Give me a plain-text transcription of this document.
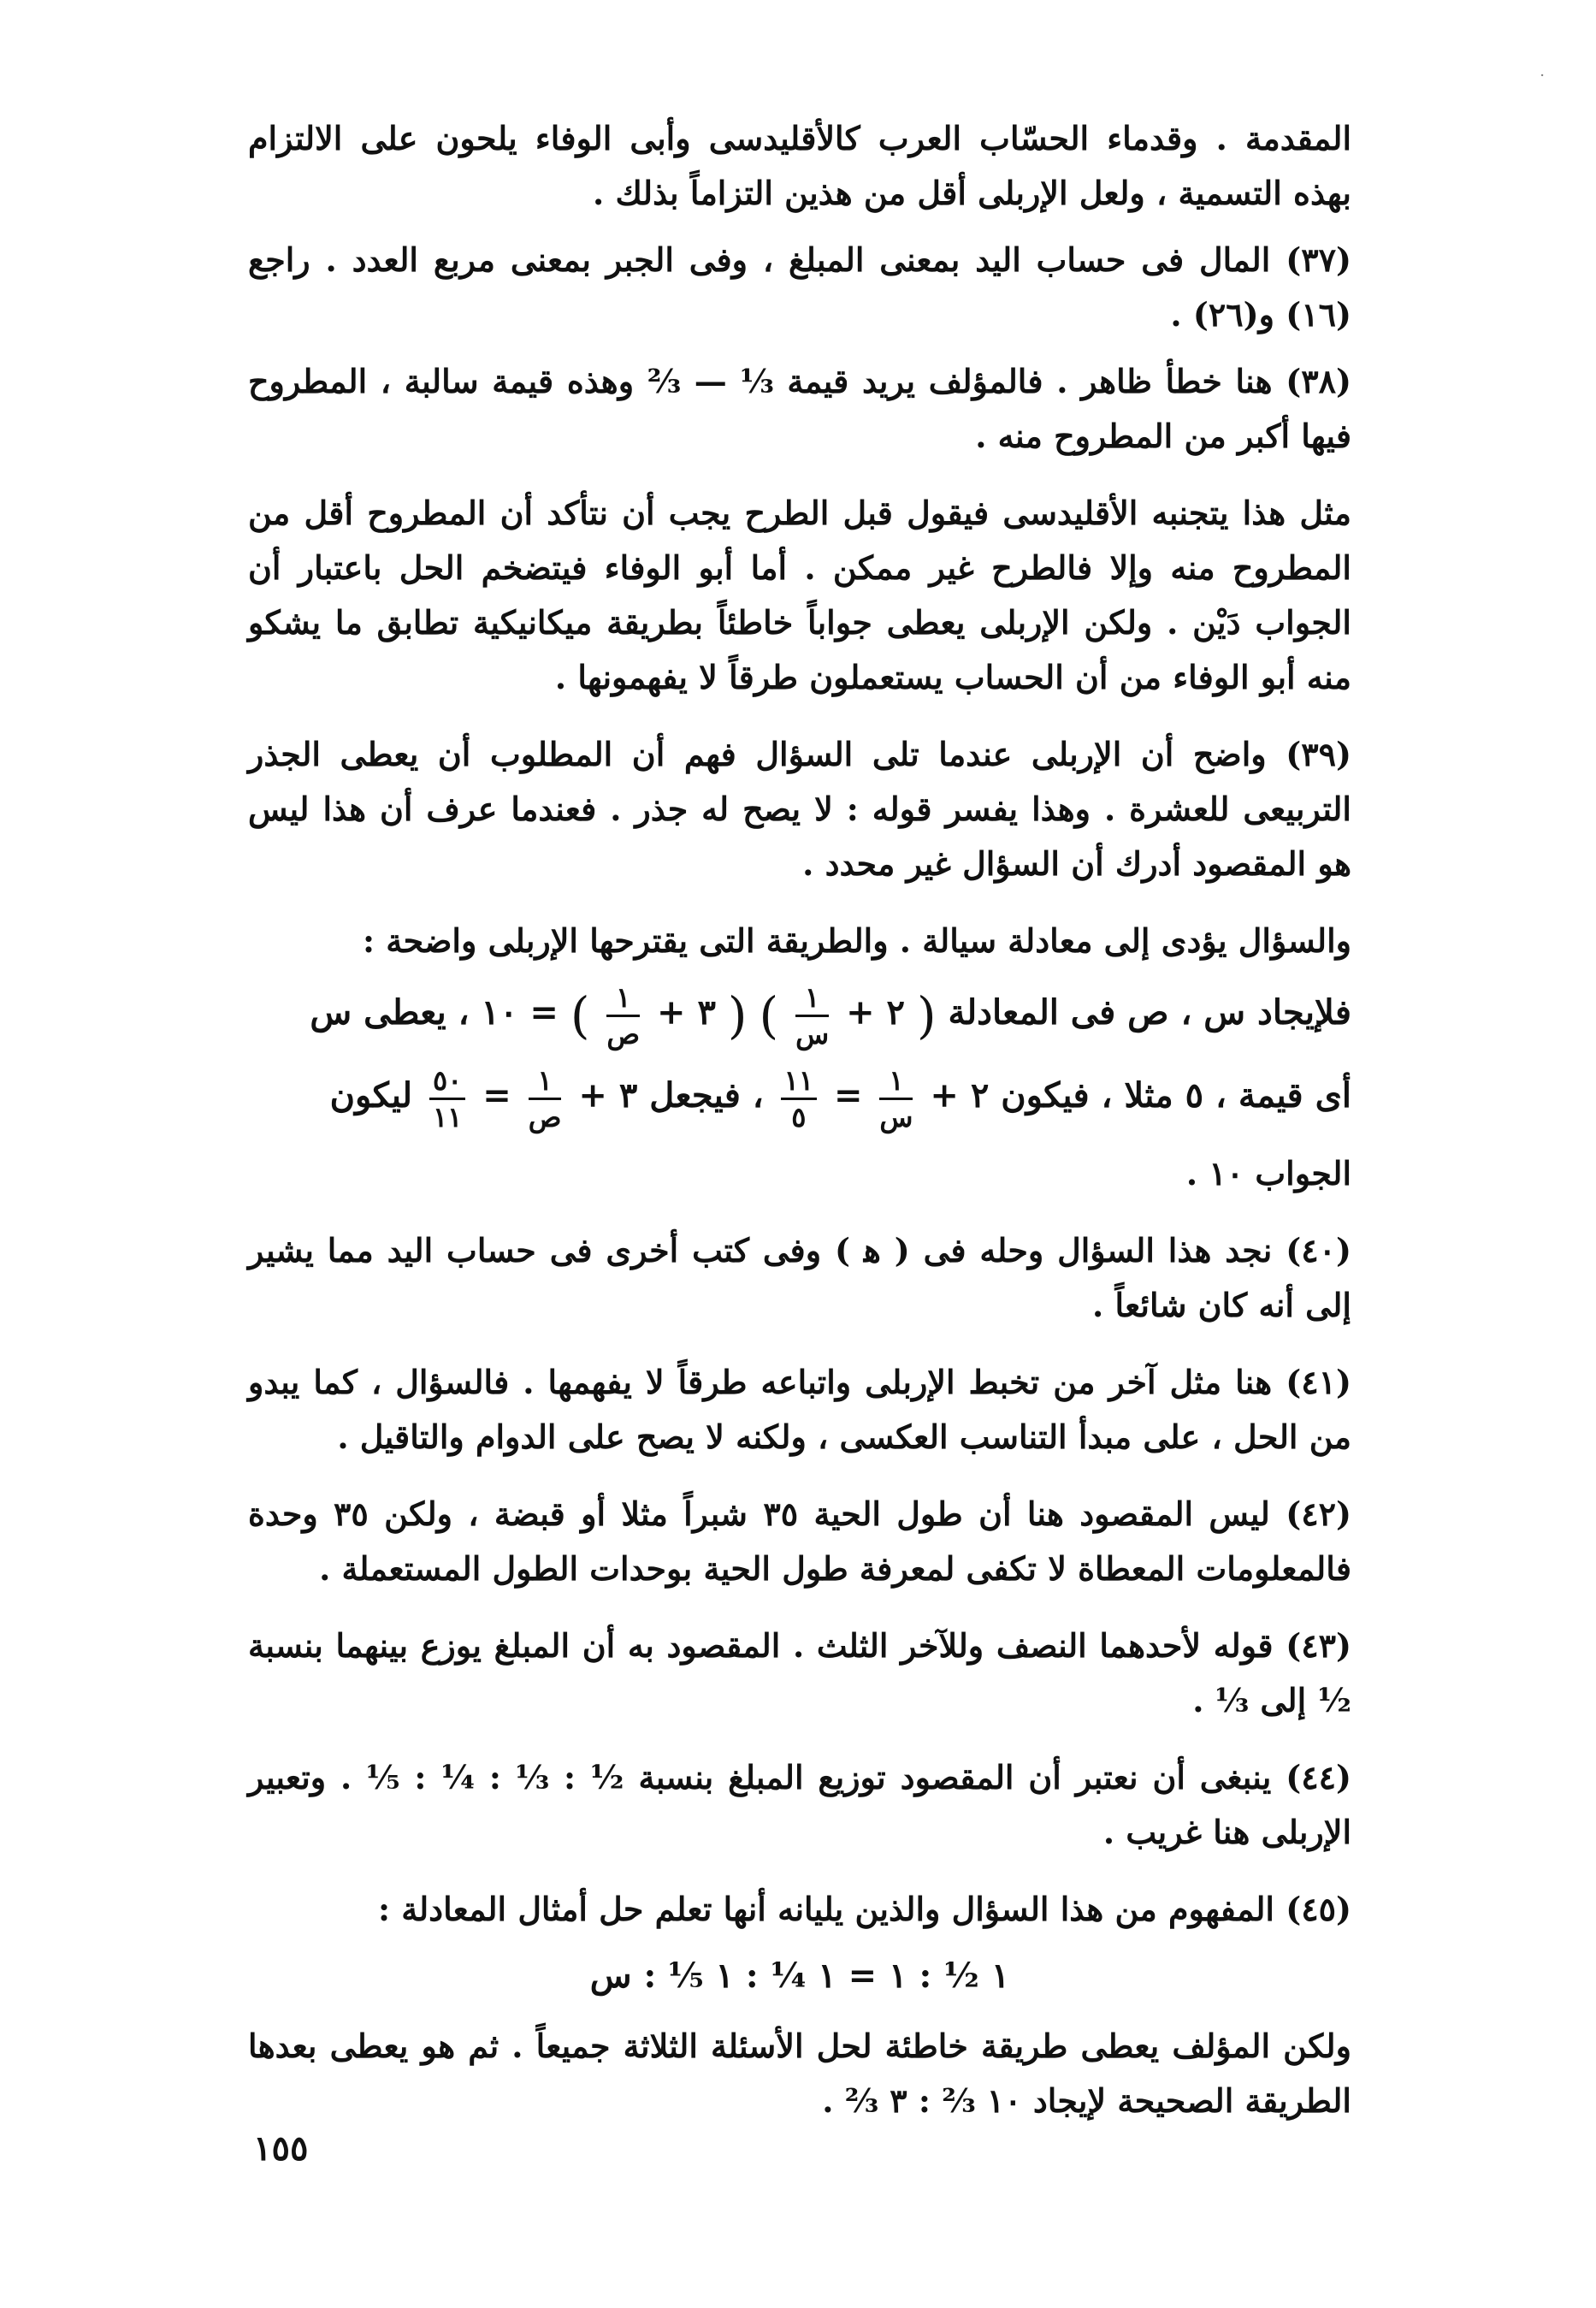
·

المقدمة . وقدماء الحسّاب العرب كالأقليدسى وأبى الوفاء يلحون على الالتزام بهذه التسمية ، ولعل الإربلى أقل من هذين التزاماً بذلك .

(٣٧) المال فى حساب اليد بمعنى المبلغ ، وفى الجبر بمعنى مربع العدد . راجع (١٦) و(٢٦) .

(٣٨) هنا خطأ ظاهر . فالمؤلف يريد قيمة ⅓ — ⅔ وهذه قيمة سالبة ، المطروح فيها أكبر من المطروح منه .

مثل هذا يتجنبه الأقليدسى فيقول قبل الطرح يجب أن نتأكد أن المطروح أقل من المطروح منه وإلا فالطرح غير ممكن . أما أبو الوفاء فيتضخم الحل باعتبار أن الجواب دَيْن . ولكن الإربلى يعطى جواباً خاطئاً بطريقة ميكانيكية تطابق ما يشكو منه أبو الوفاء من أن الحساب يستعملون طرقاً لا يفهمونها .

(٣٩) واضح أن الإربلى عندما تلى السؤال فهم أن المطلوب أن يعطى الجذر التربيعى للعشرة . وهذا يفسر قوله : لا يصح له جذر . فعندما عرف أن هذا ليس هو المقصود أدرك أن السؤال غير محدد .

والسؤال يؤدى إلى معادلة سيالة . والطريقة التى يقترحها الإربلى واضحة :

فلإيجاد س ، ص فى المعادلة ( ٢ +
$\frac{١}{\text{س}}$
) ( ٣ +
$\frac{١}{\text{ص}}$
) = ١٠ ، يعطى س
أى قيمة ، ٥ مثلا ، فيكون ٢ +
$\frac{١}{\text{س}}$
=
$\frac{١١}{٥}$
، فيجعل ٣ +
$\frac{١}{\text{ص}}$
=
$\frac{٥٠}{١١}$
ليكون

الجواب ١٠ .

(٤٠) نجد هذا السؤال وحله فى ( ﻫ ) وفى كتب أخرى فى حساب اليد مما يشير إلى أنه كان شائعاً .

(٤١) هنا مثل آخر من تخبط الإربلى واتباعه طرقاً لا يفهمها . فالسؤال ، كما يبدو من الحل ، على مبدأ التناسب العكسى ، ولكنه لا يصح على الدوام والتاقيل .

(٤٢) ليس المقصود هنا أن طول الحية ٣٥ شبراً مثلا أو قبضة ، ولكن ٣٥ وحدة فالمعلومات المعطاة لا تكفى لمعرفة طول الحية بوحدات الطول المستعملة .

(٤٣) قوله لأحدهما النصف وللآخر الثلث . المقصود به أن المبلغ يوزع بينهما بنسبة ½ إلى ⅓ .

(٤٤) ينبغى أن نعتبر أن المقصود توزيع المبلغ بنسبة ½ : ⅓ : ¼ : ⅕ . وتعبير الإربلى هنا غريب .

(٤٥) المفهوم من هذا السؤال والذين يليانه أنها تعلم حل أمثال المعادلة :

١ ½ : ١ = ١ ¼ : ١ ⅕ : س

ولكن المؤلف يعطى طريقة خاطئة لحل الأسئلة الثلاثة جميعاً . ثم هو يعطى بعدها الطريقة الصحيحة لإيجاد ١٠ ⅔ : ٣ ⅔ .

١٥٥
